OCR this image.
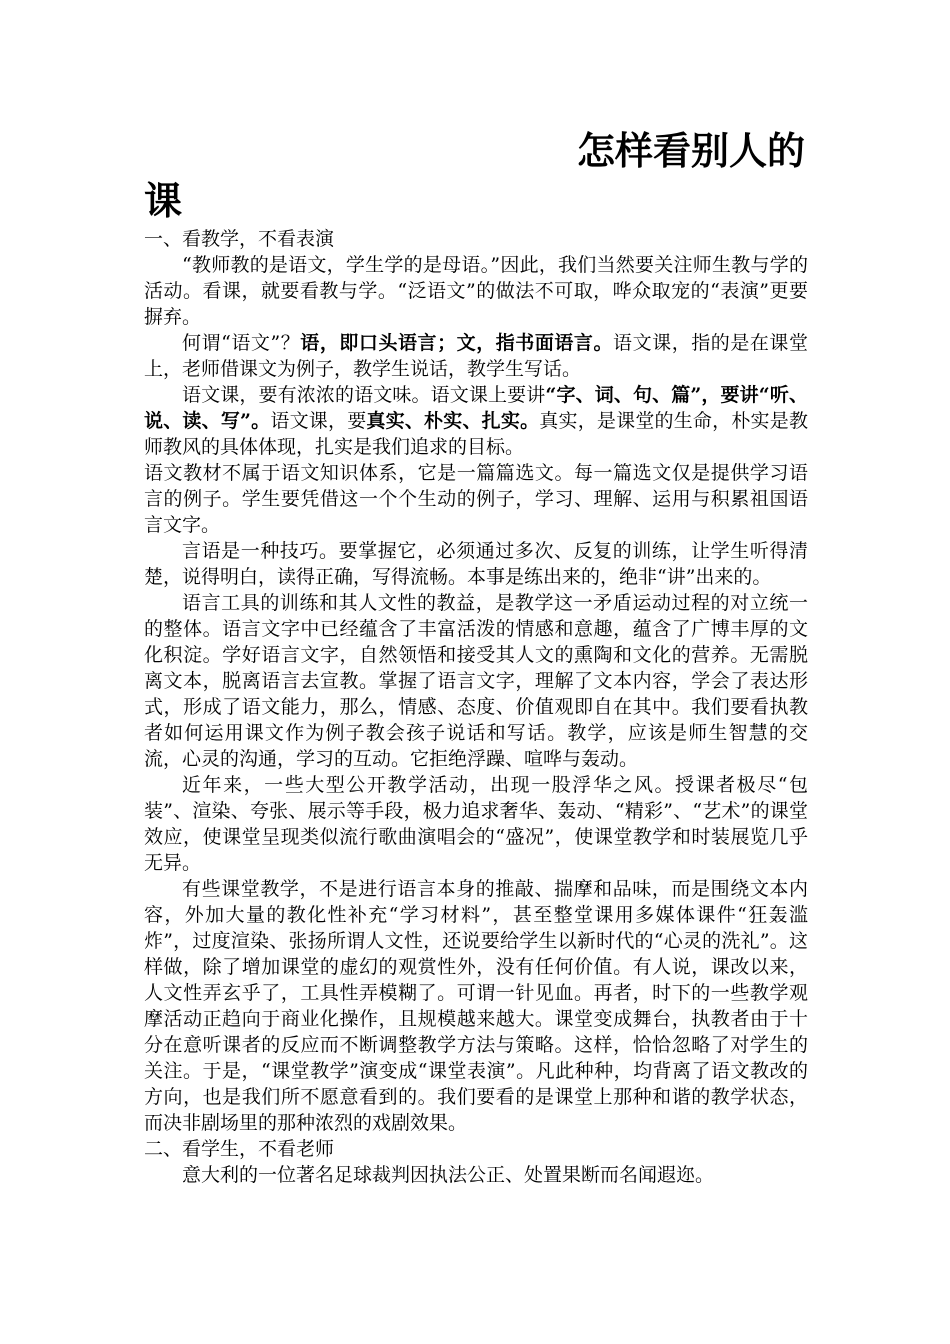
怎样看别人的
课

一、看教学，不看表演

“教师教的是语文，学生学的是母语。”因此，我们当然要关注师生教与学的活动。看课，就要看教与学。“泛语文”的做法不可取，哗众取宠的“表演”更要摒弃。

何谓“语文”？语，即口头语言；文，指书面语言。语文课，指的是在课堂上，老师借课文为例子，教学生说话，教学生写话。

语文课，要有浓浓的语文味。语文课上要讲“字、词、句、篇”，要讲“听、说、读、写”。语文课，要真实、朴实、扎实。真实，是课堂的生命，朴实是教师教风的具体体现，扎实是我们追求的目标。

语文教材不属于语文知识体系，它是一篇篇选文。每一篇选文仅是提供学习语言的例子。学生要凭借这一个个生动的例子，学习、理解、运用与积累祖国语言文字。

言语是一种技巧。要掌握它，必须通过多次、反复的训练，让学生听得清楚，说得明白，读得正确，写得流畅。本事是练出来的，绝非“讲”出来的。

语言工具的训练和其人文性的教益，是教学这一矛盾运动过程的对立统一的整体。语言文字中已经蕴含了丰富活泼的情感和意趣，蕴含了广博丰厚的文化积淀。学好语言文字，自然领悟和接受其人文的熏陶和文化的营养。无需脱离文本，脱离语言去宣教。掌握了语言文字，理解了文本内容，学会了表达形式，形成了语文能力，那么，情感、态度、价值观即自在其中。我们要看执教者如何运用课文作为例子教会孩子说话和写话。教学，应该是师生智慧的交流，心灵的沟通，学习的互动。它拒绝浮躁、喧哗与轰动。

近年来，一些大型公开教学活动，出现一股浮华之风。授课者极尽“包装”、渲染、夸张、展示等手段，极力追求奢华、轰动、“精彩”、“艺术”的课堂效应，使课堂呈现类似流行歌曲演唱会的“盛况”，使课堂教学和时装展览几乎无异。

有些课堂教学，不是进行语言本身的推敲、揣摩和品味，而是围绕文本内容，外加大量的教化性补充“学习材料”，甚至整堂课用多媒体课件“狂轰滥炸”，过度渲染、张扬所谓人文性，还说要给学生以新时代的“心灵的洗礼”。这样做，除了增加课堂的虚幻的观赏性外，没有任何价值。有人说，课改以来，人文性弄玄乎了，工具性弄模糊了。可谓一针见血。再者，时下的一些教学观摩活动正趋向于商业化操作，且规模越来越大。课堂变成舞台，执教者由于十分在意听课者的反应而不断调整教学方法与策略。这样，恰恰忽略了对学生的关注。于是，“课堂教学”演变成“课堂表演”。凡此种种，均背离了语文教改的方向，也是我们所不愿意看到的。我们要看的是课堂上那种和谐的教学状态，而决非剧场里的那种浓烈的戏剧效果。

二、看学生，不看老师

意大利的一位著名足球裁判因执法公正、处置果断而名闻遐迩。
